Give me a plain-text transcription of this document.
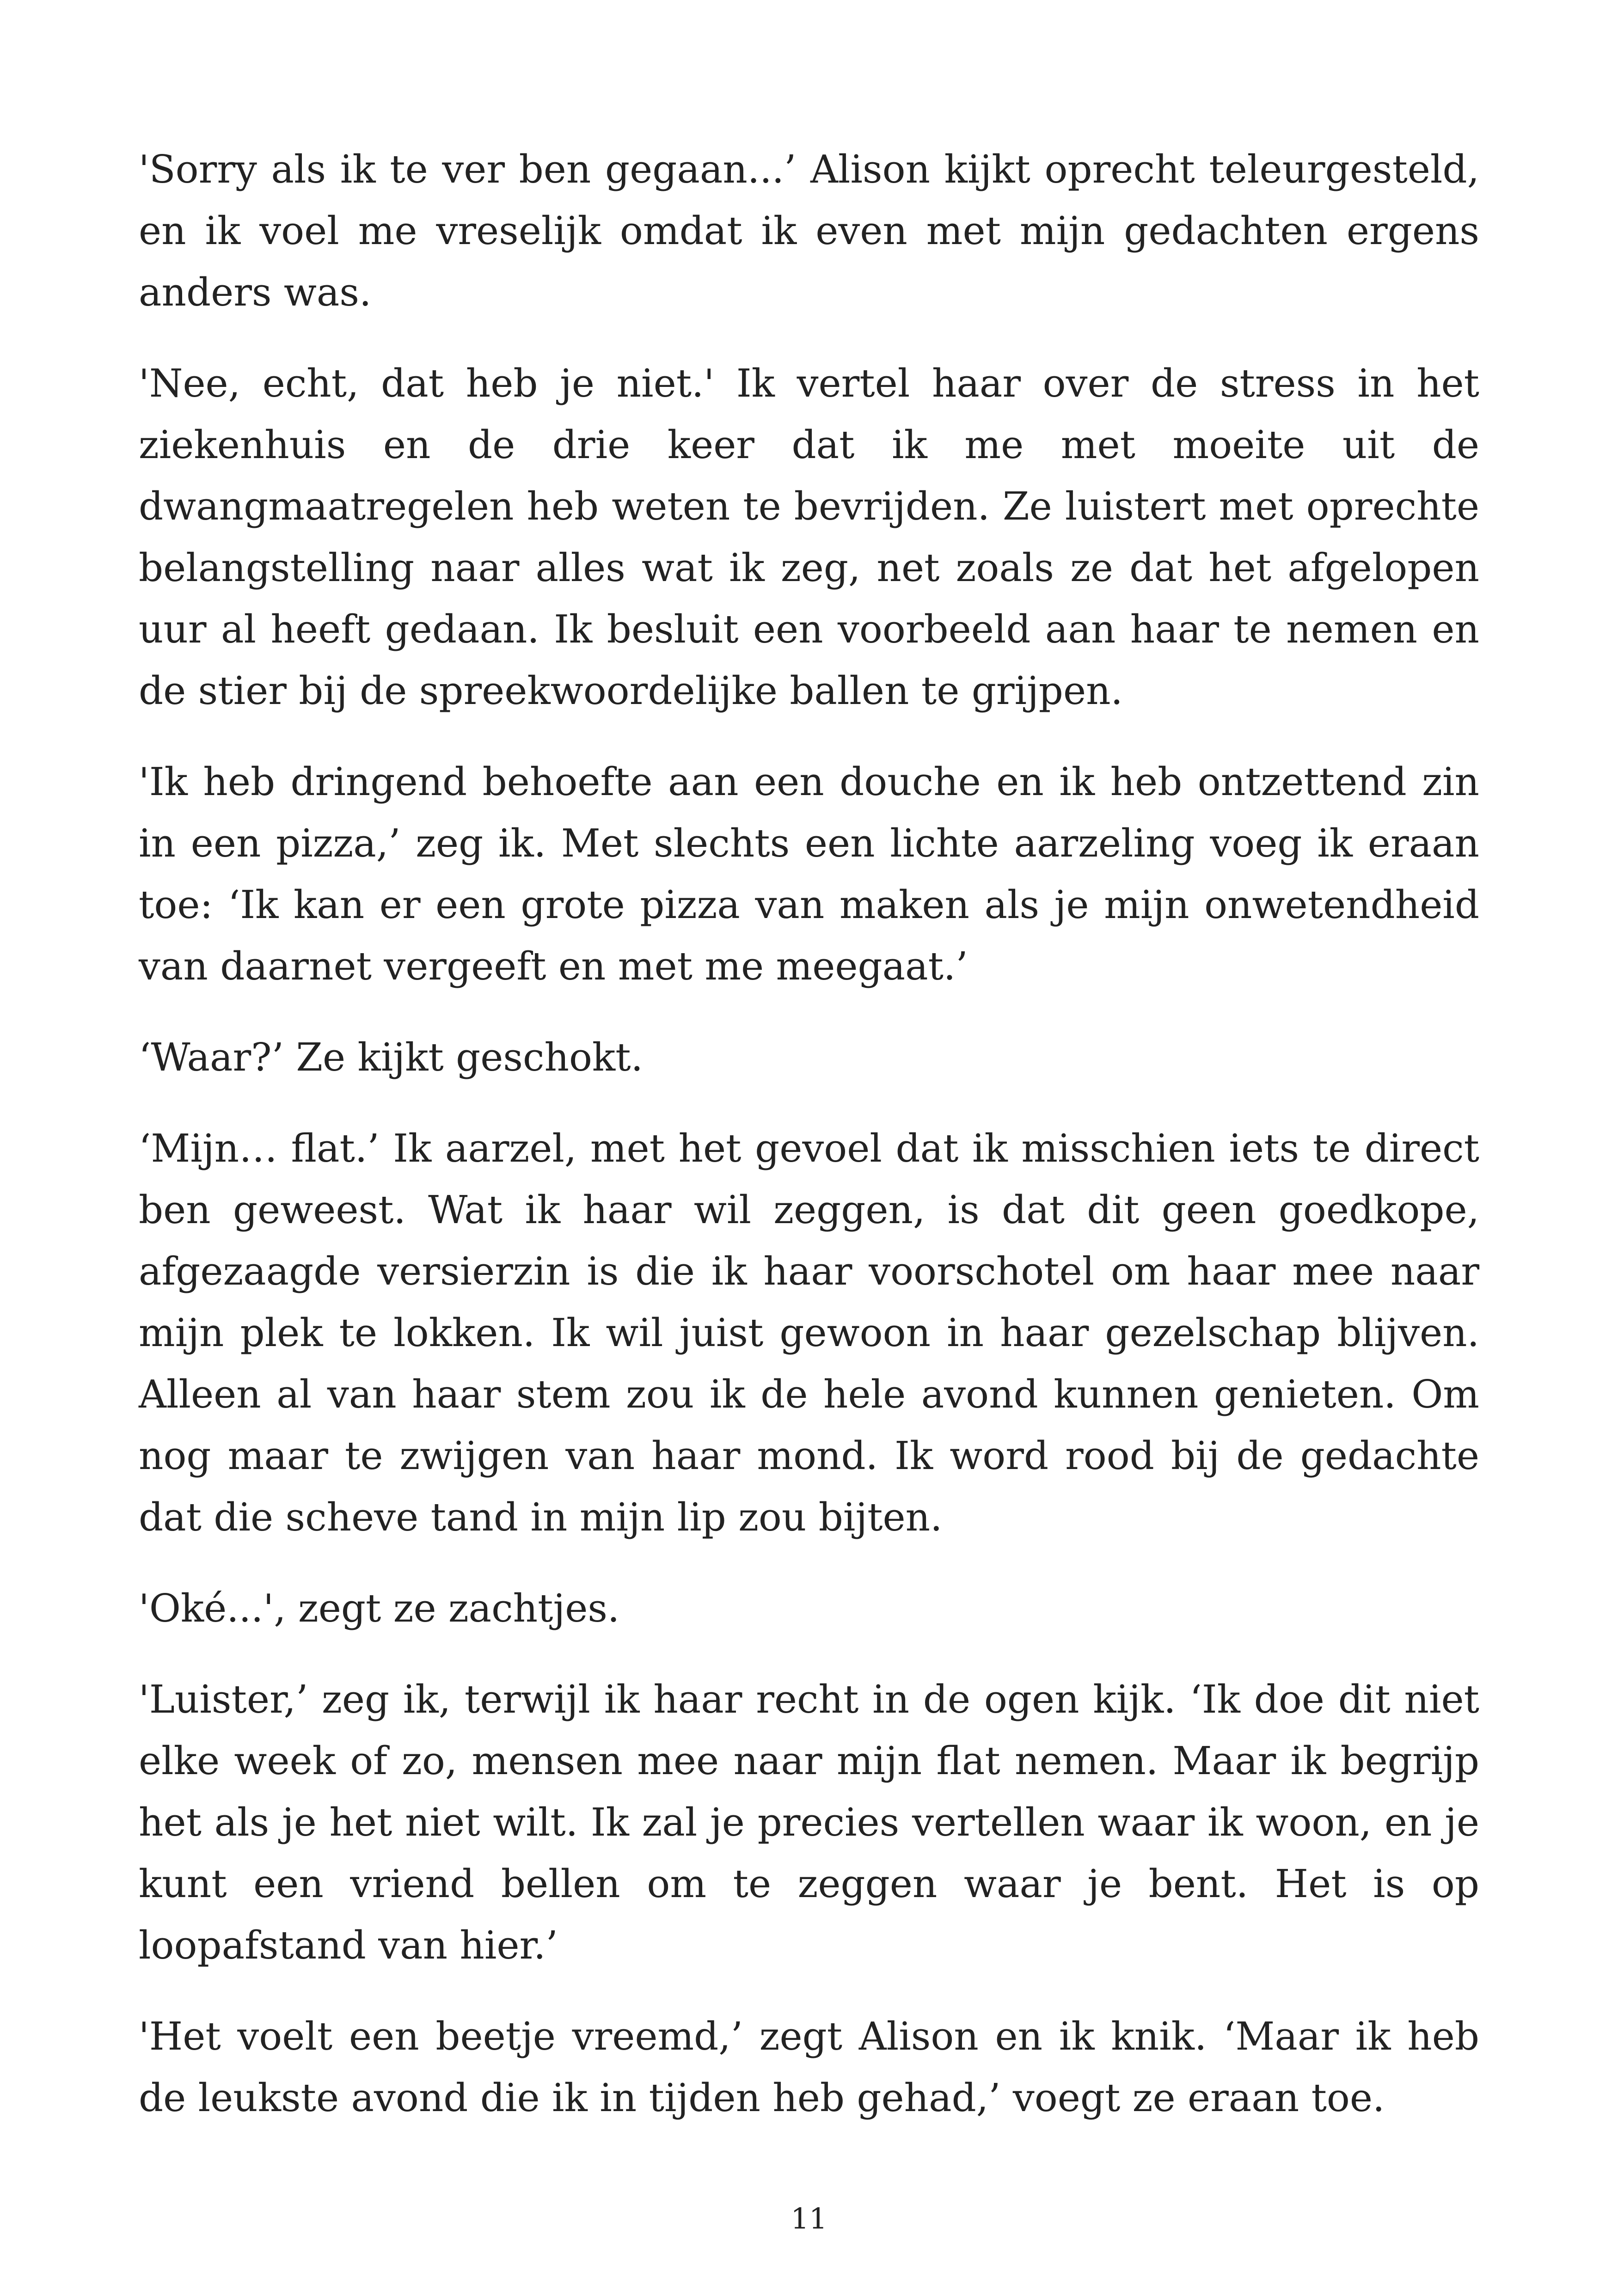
'Sorry als ik te ver ben gegaan...’ Alison kijkt oprecht teleurgesteld, en ik voel me vreselijk omdat ik even met mijn gedachten ergens anders was.

'Nee, echt, dat heb je niet.' Ik vertel haar over de stress in het ziekenhuis en de drie keer dat ik me met moeite uit de dwangmaatregelen heb weten te bevrijden. Ze luistert met oprechte belangstelling naar alles wat ik zeg, net zoals ze dat het afgelopen uur al heeft gedaan. Ik besluit een voorbeeld aan haar te nemen en de stier bij de spreekwoordelijke ballen te grijpen.

'Ik heb dringend behoefte aan een douche en ik heb ontzettend zin in een pizza,’ zeg ik. Met slechts een lichte aarzeling voeg ik eraan toe: ‘Ik kan er een grote pizza van maken als je mijn onwetendheid van daarnet vergeeft en met me meegaat.’

‘Waar?’ Ze kijkt geschokt.

‘Mijn… flat.’ Ik aarzel, met het gevoel dat ik misschien iets te direct ben geweest. Wat ik haar wil zeggen, is dat dit geen goedkope, afgezaagde versierzin is die ik haar voorschotel om haar mee naar mijn plek te lokken. Ik wil juist gewoon in haar gezelschap blijven. Alleen al van haar stem zou ik de hele avond kunnen genieten. Om nog maar te zwijgen van haar mond. Ik word rood bij de gedachte dat die scheve tand in mijn lip zou bijten.

'Oké...', zegt ze zachtjes.

'Luister,’ zeg ik, terwijl ik haar recht in de ogen kijk. ‘Ik doe dit niet elke week of zo, mensen mee naar mijn flat nemen. Maar ik begrijp het als je het niet wilt. Ik zal je precies vertellen waar ik woon, en je kunt een vriend bellen om te zeggen waar je bent. Het is op loopafstand van hier.’

'Het voelt een beetje vreemd,’ zegt Alison en ik knik. ‘Maar ik heb de leukste avond die ik in tijden heb gehad,’ voegt ze eraan toe.

11
